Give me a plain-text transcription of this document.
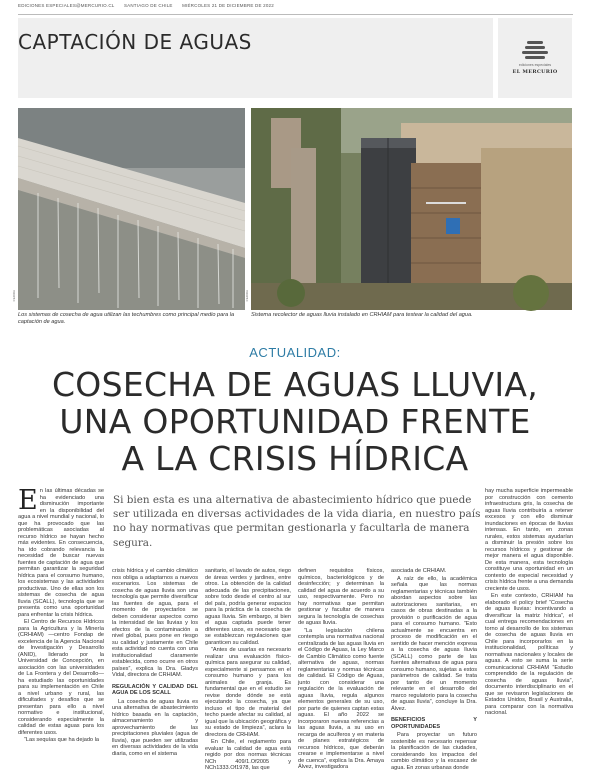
EDICIONES ESPECIALES@MERCURIO.CL SANTIAGO DE CHILE MIÉRCOLES 21 DE DICIEMBRE DE 2022
CAPTACIÓN DE AGUAS
ediciones especiales
EL MERCURIO
CEDIDA
Los sistemas de cosecha de agua utilizan las techumbres como principal medio para la captación de agua.
CEDIDA
Sistema recolector de aguas lluvia instalado en CRHIAM para testear la calidad del agua.
ACTUALIDAD:
COSECHA DE AGUAS LLUVIA,
UNA OPORTUNIDAD FRENTE
A LA CRISIS HÍDRICA
Si bien esta es una alternativa de abastecimiento hídrico que puede ser utilizada en diversas actividades de la vida diaria, en nuestro país no hay normativas que permitan gestionarla y facultarla de manera segura.

En las últimas décadas se ha evidenciado una disminución importante en la disponibilidad del agua a nivel mundial y nacional, lo que ha provocado que las problemáticas asociadas al recurso hídrico se hayan hecho más evidentes. En consecuencia, ha ido cobrando relevancia la necesidad de buscar nuevas fuentes de captación de agua que permitan garantizar la seguridad hídrica para el consumo humano, los ecosistemas y las actividades productivas. Uno de ellas son los sistemas de cosecha de agua lluvia (SCALL), tecnología que se presenta como una oportunidad para enfrentar la crisis hídrica.

El Centro de Recursos Hídricos para la Agricultura y la Minería (CRHIAM) —centro Fondap de excelencia de la Agencia Nacional de Investigación y Desarrollo (ANID), liderado por la Universidad de Concepción, en asociación con las universidades de La Frontera y del Desarrollo— ha estudiado las oportunidades para su implementación en Chile a nivel urbano y rural, las dificultades y desafíos que se presentan para ello a nivel normativo e institucional, considerando especialmente la calidad de estas aguas para los diferentes usos.

“Las sequías que ha dejado la

crisis hídrica y el cambio climático nos obliga a adaptarnos a nuevos escenarios. Los sistemas de cosecha de aguas lluvia son una tecnología que permite diversificar las fuentes de agua, para el momento de proyectarlos se deben considerar aspectos como la intensidad de las lluvias y los efectos de la contaminación a nivel global, pues pone en riesgo su calidad y justamente en Chile esta actividad no cuenta con una institucionalidad claramente establecida, como ocurre en otros países”, explica la Dra. Gladys Vidal, directora de CRHIAM.

REGULACIÓN Y CALIDAD DEL AGUA DE LOS SCALL

La cosecha de aguas lluvia es una alternativa de abastecimiento hídrico basada en la captación, almacenamiento y aprovechamiento de las precipitaciones pluviales (agua de lluvia), que pueden ser utilizadas en diversas actividades de la vida diaria, como en el sistema

sanitario, el lavado de autos, riego de áreas verdes y jardines, entre otros. La obtención de la calidad adecuada de las precipitaciones, sobre todo desde el centro al sur del país, podría generar espacios para la práctica de la cosecha de aguas lluvia. Sin embargo, si bien el agua captada puede tener diferentes usos, es necesario que se establezcan regulaciones que garanticen su calidad.

“Antes de usarlas es necesario realizar una evaluación físico-química para asegurar su calidad, especialmente si pensamos en el consumo humano y para los animales de granja. Es fundamental que en el estudio se revise donde dónde se está ejecutando la cosecha, ya que incluso el tipo de material del techo puede afectar su calidad, al igual que la ubicación geográfica y su estado de limpieza”, aclara la directora de CRHIAM.

En Chile, el reglamento para evaluar la calidad de agua está regido por dos normas técnicas NCh 409/1.Of2005 y NCh1333.Of1978, las que

definen requisitos físicos, químicos, bacteriológicos y de desinfección; y determinan la calidad del agua de acuerdo a su uso, respectivamente. Pero no hay normativas que permitan gestionar y facultar de manera segura la tecnología de cosechas de aguas lluvia.

“La legislación chilena contempla una normativa nacional centralizada de las aguas lluvia en el Código de Aguas, la Ley Marco de Cambio Climático como fuente alternativa de aguas, normas reglamentarias y normas técnicas de calidad. El Código de Aguas, junto con considerar una regulación de la evaluación de aguas lluvia, regula algunos elementos generales de su uso, por parte de quienes captan estas aguas. El año 2022 se incorporaron nuevas referencias a las aguas lluvia, a su uso en recarga de acuíferos y en materia de planes estratégicos de recursos hídricos, que deberán crearse e implementarse a nivel de cuenca”, explica la Dra. Amaya Álvez, investigadora

asociada de CRHIAM.

A raíz de ello, la académica señala que las normas reglamentarias y técnicas también abordan aspectos sobre las autorizaciones sanitarias, en casos de obras destinadas a la provisión o purificación de agua para el consumo humano. “Esto actualmente se encuentra en proceso de modificación en el sentido de hacer mención expresa a la cosecha de aguas lluvia (SCALL) como parte de las fuentes alternativas de agua para consumo humano, sujetas a estos parámetros de calidad. Se trata por tanto de un momento relevante en el desarrollo del marco regulatorio para la cosecha de aguas lluvia”, concluye la Dra. Álvez.

BENEFICIOS Y OPORTUNIDADES

Para proyectar un futuro sostenible es necesario repensar la planificación de las ciudades, considerando los impactos del cambio climático y la escasez de agua. En zonas urbanas donde

hay mucha superficie impermeable por construcción con cemento infraestructura gris, la cosecha de aguas lluvia contribuiría a retener excesos y con ello disminuir inundaciones en épocas de lluvias intensas. En tanto, en zonas rurales, estos sistemas ayudarían a disminuir la presión sobre los recursos hídricos y gestionar de mejor manera el agua disponible. De esta manera, esta tecnología constituye una oportunidad en un contexto de especial necesidad y crisis hídrica frente a una demanda creciente de usos.

En este contexto, CRHIAM ha elaborado el policy brief “Cosecha de aguas lluvias: incentivando a diversificar la matriz hídrica”, el cual entrega recomendaciones en torno al desarrollo de los sistemas de cosecha de aguas lluvia en Chile para incorporarlos en la institucionalidad, políticas y normativas nacionales y locales de aguas. A esto se suma la serie comunicacional CRHIAM “Estudio comprendido de la regulación de cosecha de aguas lluvia”, documento interdisciplinario en el que se revisaron legislaciones de Estados Unidos, Brasil y Australia, para comparar con la normativa nacional.
